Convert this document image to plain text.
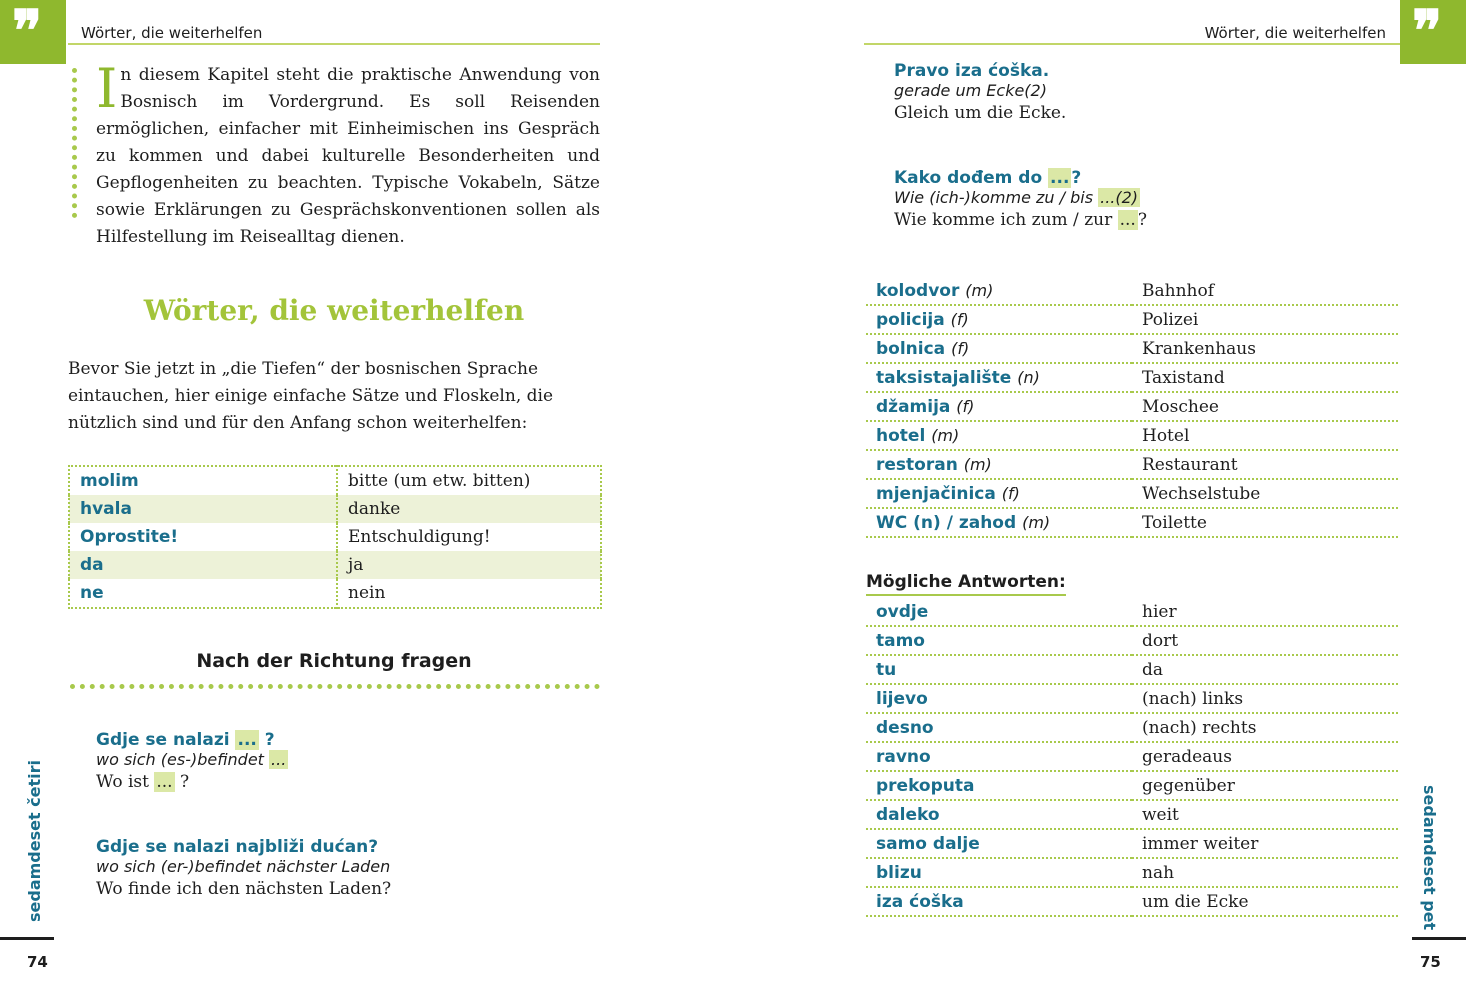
❞	Wörter, die weiterhelfen
In diesem Kapitel steht die praktische Anwendung von Bosnisch im Vordergrund. Es soll Reisenden ermöglichen, einfacher mit Einheimischen ins Gespräch zu kommen und dabei kulturelle Besonderheiten und Gepflogenheiten zu beachten. Typische Vokabeln, Sätze sowie Erklärungen zu Gesprächskonventionen sollen als Hilfestellung im Reisealltag dienen.
Wörter, die weiterhelfen
Bevor Sie jetzt in „die Tiefen“ der bosnischen Sprache eintauchen, hier einige einfache Sätze und Floskeln, die nützlich sind und für den Anfang schon weiterhelfen:
molim	bitte (um etw. bitten)
hvala	danke
Oprostite!	Entschuldigung!
da	ja
ne	nein
Nach der Richtung fragen
Gdje se nalazi ... ?
wo sich (es-)befindet ...
Wo ist ... ?
Gdje se nalazi najbliži dućan?
wo sich (er-)befindet nächster Laden
Wo finde ich den nächsten Laden?
sedamdeset četiri
74
❞
Wörter, die weiterhelfen
Pravo iza ćoška.
gerade um Ecke(2)
Gleich um die Ecke.
Kako dođem do ... ?
Wie (ich-)komme zu / bis ...(2)
Wie komme ich zum / zur ... ?
kolodvor (m)	Bahnhof
policija (f)	Polizei
bolnica (f)	Krankenhaus
taksistajalište (n)	Taxistand
džamija (f)	Moschee
hotel (m)	Hotel
restoran (m)	Restaurant
mjenjačinica (f)	Wechselstube
WC (n) / zahod (m)	Toilette
Mögliche Antworten:
ovdje	hier
tamo	dort
tu	da
lijevo	(nach) links
desno	(nach) rechts
ravno	geradeaus
prekoputa	gegenüber
daleko	weit
samo dalje	immer weiter
blizu	nah
iza ćoška	um die Ecke	sedamdeset pet
75
